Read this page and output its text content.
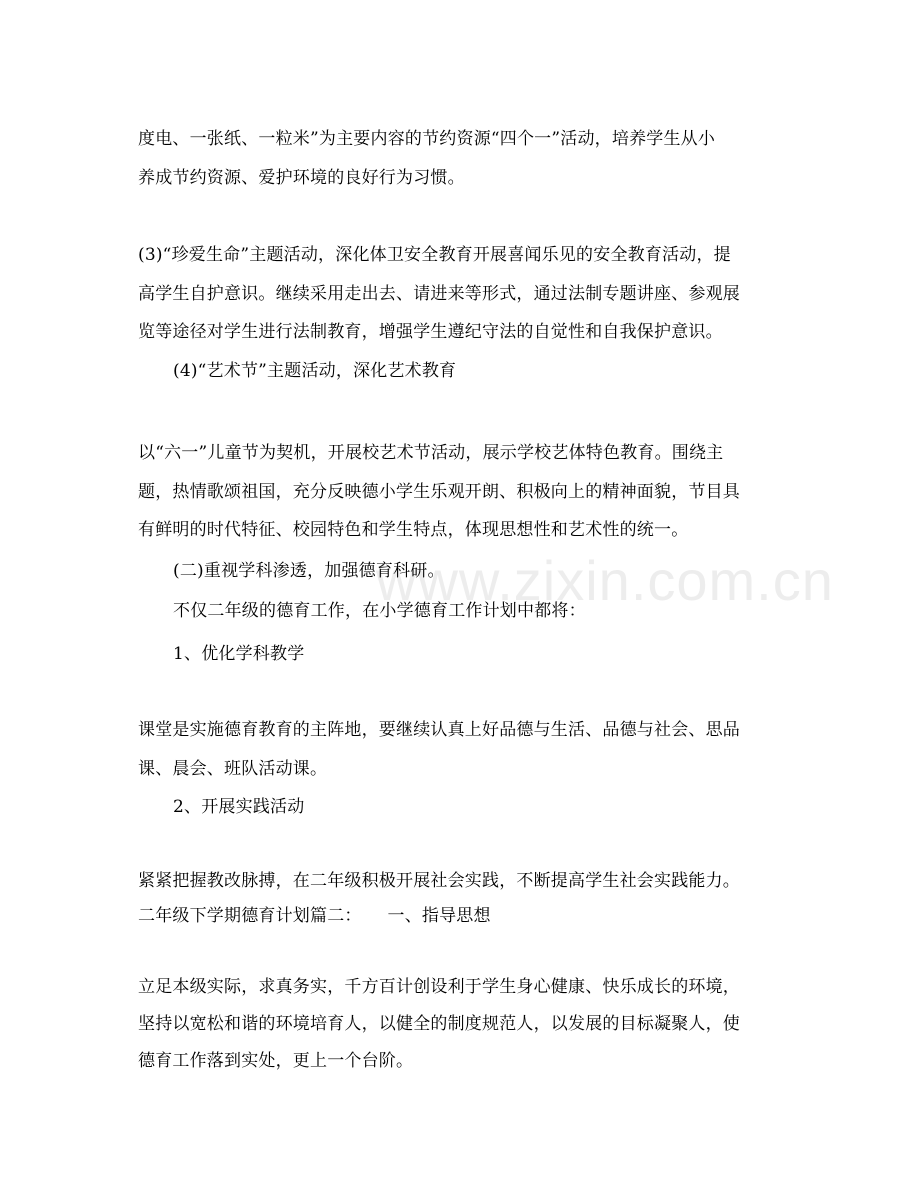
www.zixin.com.cn
度电、一张纸、一粒米”为主要内容的节约资源“四个一”活动，培养学生从小
养成节约资源、爱护环境的良好行为习惯。
(3)“珍爱生命”主题活动，深化体卫安全教育开展喜闻乐见的安全教育活动，提
高学生自护意识。继续采用走出去、请进来等形式，通过法制专题讲座、参观展
览等途径对学生进行法制教育，增强学生遵纪守法的自觉性和自我保护意识。
(4)“艺术节”主题活动，深化艺术教育
以“六一”儿童节为契机，开展校艺术节活动，展示学校艺体特色教育。围绕主
题，热情歌颂祖国，充分反映德小学生乐观开朗、积极向上的精神面貌，节目具
有鲜明的时代特征、校园特色和学生特点，体现思想性和艺术性的统一。
(二)重视学科渗透，加强德育科研。
不仅二年级的德育工作，在小学德育工作计划中都将：
1、优化学科教学
课堂是实施德育教育的主阵地，要继续认真上好品德与生活、品德与社会、思品
课、晨会、班队活动课。
2、开展实践活动
紧紧把握教改脉搏，在二年级积极开展社会实践，不断提高学生社会实践能力。
二年级下学期德育计划篇二：　　一、指导思想
立足本级实际，求真务实，千方百计创设利于学生身心健康、快乐成长的环境，
坚持以宽松和谐的环境培育人，以健全的制度规范人，以发展的目标凝聚人，使
德育工作落到实处，更上一个台阶。
